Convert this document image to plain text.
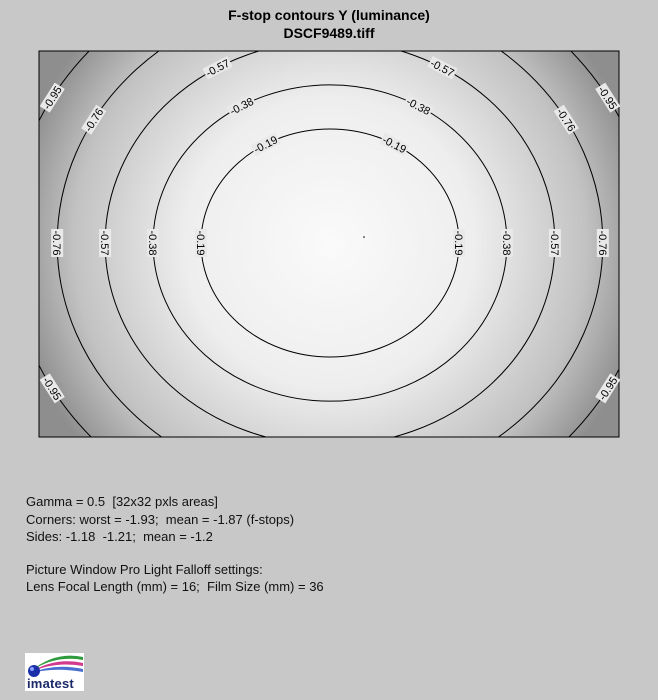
F-stop contours Y (luminance)
DSCF9489.tiff
-0.19	-0.19
-0.19	-0.19
-0.38	-0.38
-0.38	-0.38
-0.57	-0.57
-0.57	-0.57
-0.76	-0.76
-0.76	-0.76
-0.95	-0.95
-0.95	-0.95
Gamma = 0.5  [32x32 pxls areas]
Corners: worst = -1.93;  mean = -1.87 (f-stops)
Sides: -1.18  -1.21;  mean = -1.2
Picture Window Pro Light Falloff settings:
Lens Focal Length (mm) = 16;  Film Size (mm) = 36
imatest
